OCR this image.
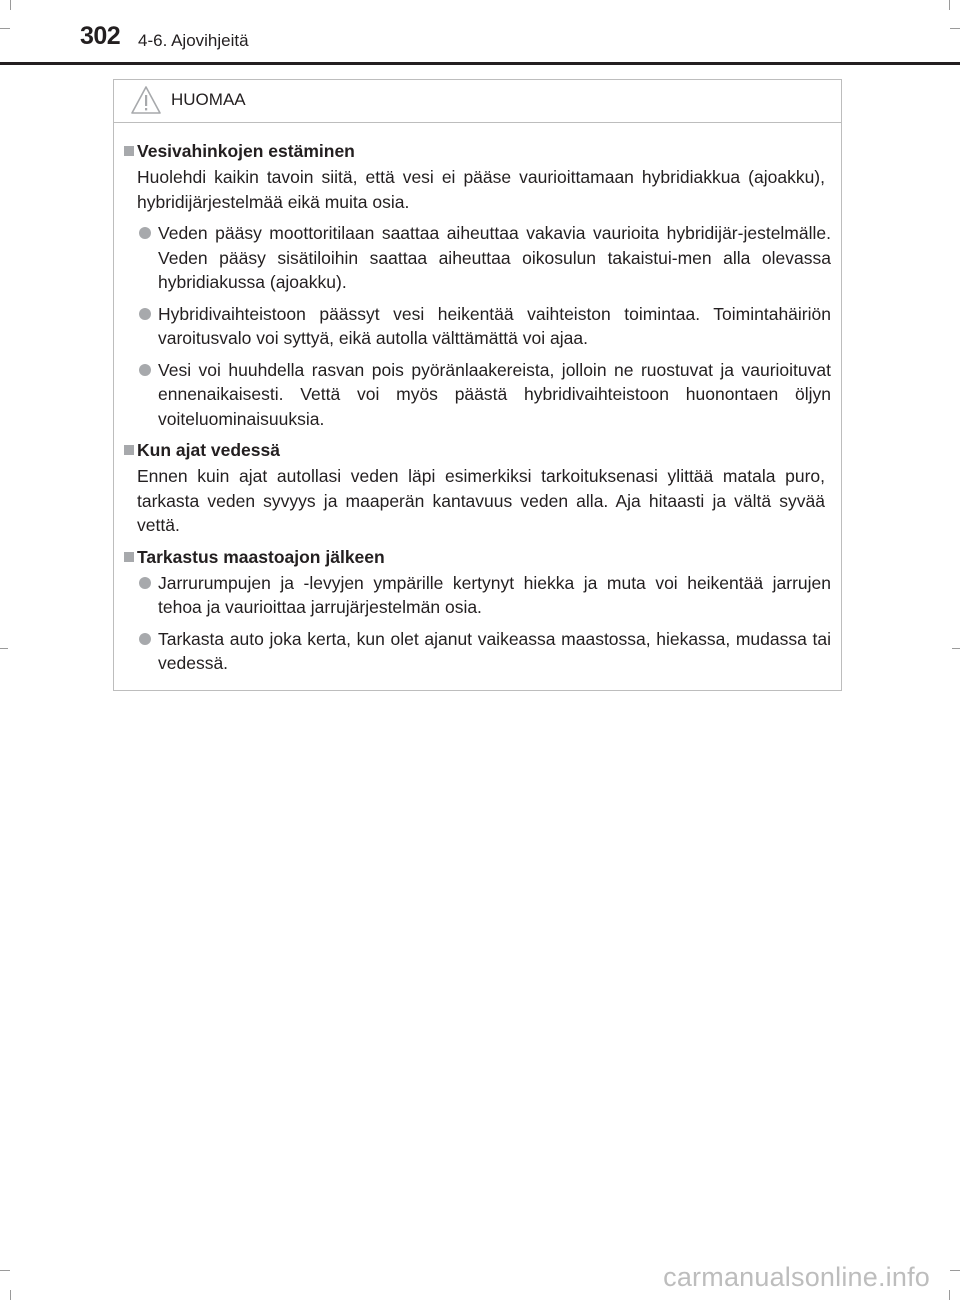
302 4-6. Ajovihjeitä
HUOMAA
Vesivahinkojen estäminen
Huolehdi kaikin tavoin siitä, että vesi ei pääse vaurioittamaan hybridiakkua (ajoakku), hybridijärjestelmää eikä muita osia.
Veden pääsy moottoritilaan saattaa aiheuttaa vakavia vaurioita hybridijär-jestelmälle. Veden pääsy sisätiloihin saattaa aiheuttaa oikosulun takaistui-men alla olevassa hybridiakussa (ajoakku).
Hybridivaihteistoon päässyt vesi heikentää vaihteiston toimintaa. Toimintahäiriön varoitusvalo voi syttyä, eikä autolla välttämättä voi ajaa.
Vesi voi huuhdella rasvan pois pyöränlaakereista, jolloin ne ruostuvat ja vaurioituvat ennenaikaisesti. Vettä voi myös päästä hybridivaihteistoon huonontaen öljyn voiteluominaisuuksia.
Kun ajat vedessä
Ennen kuin ajat autollasi veden läpi esimerkiksi tarkoituksenasi ylittää matala puro, tarkasta veden syvyys ja maaperän kantavuus veden alla. Aja hitaasti ja vältä syvää vettä.
Tarkastus maastoajon jälkeen
Jarrurumpujen ja -levyjen ympärille kertynyt hiekka ja muta voi heikentää jarrujen tehoa ja vaurioittaa jarrujärjestelmän osia.
Tarkasta auto joka kerta, kun olet ajanut vaikeassa maastossa, hiekassa, mudassa tai vedessä.
carmanualsonline.info
